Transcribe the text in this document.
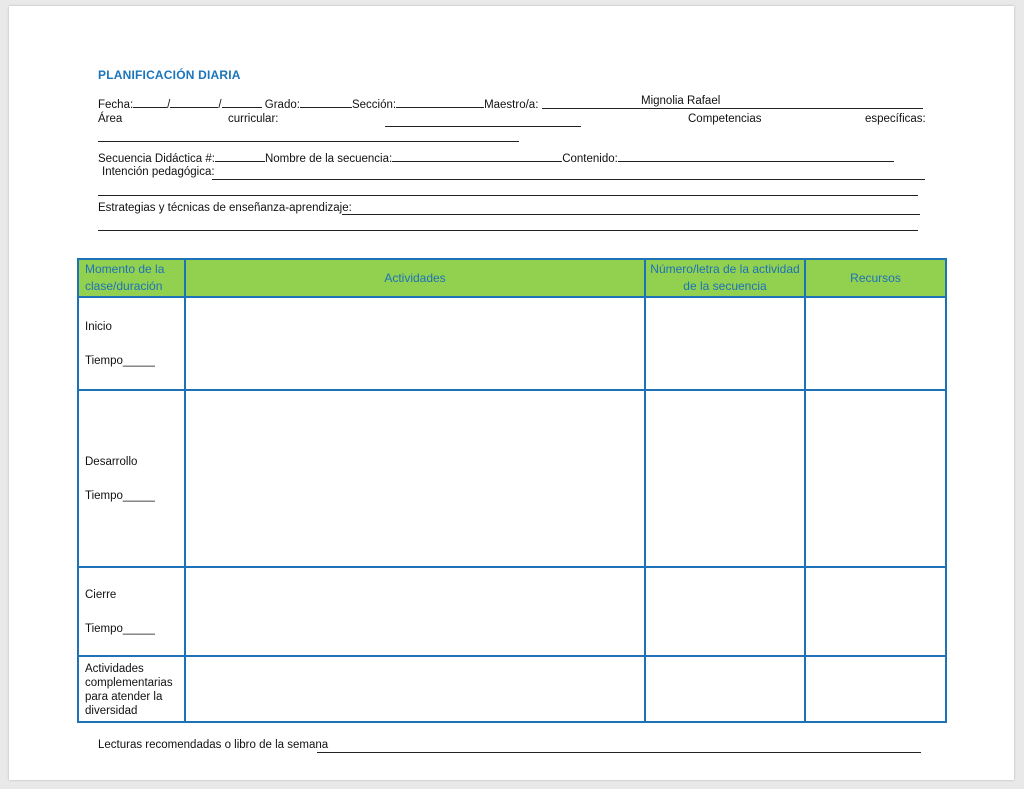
PLANIFICACIÓN DIARIA
Fecha:	/	/	Grado:	Sección:	Maestro/a:	Mignolia Rafael
Área	curricular:	Competencias	específicas:
Secuencia Didáctica #:	Nombre de la secuencia:	Contenido:
Intención pedagógica:
Estrategias y técnicas de enseñanza-aprendizaje:
Momento de la clase/duración	Actividades	Número/letra de la actividad de la secuencia	Recursos

Inicio
Tiempo_____			

Desarrollo
Tiempo_____			

Cierre
Tiempo_____			

Actividades complementarias para atender la diversidad			

Lecturas recomendadas o libro de la semana
